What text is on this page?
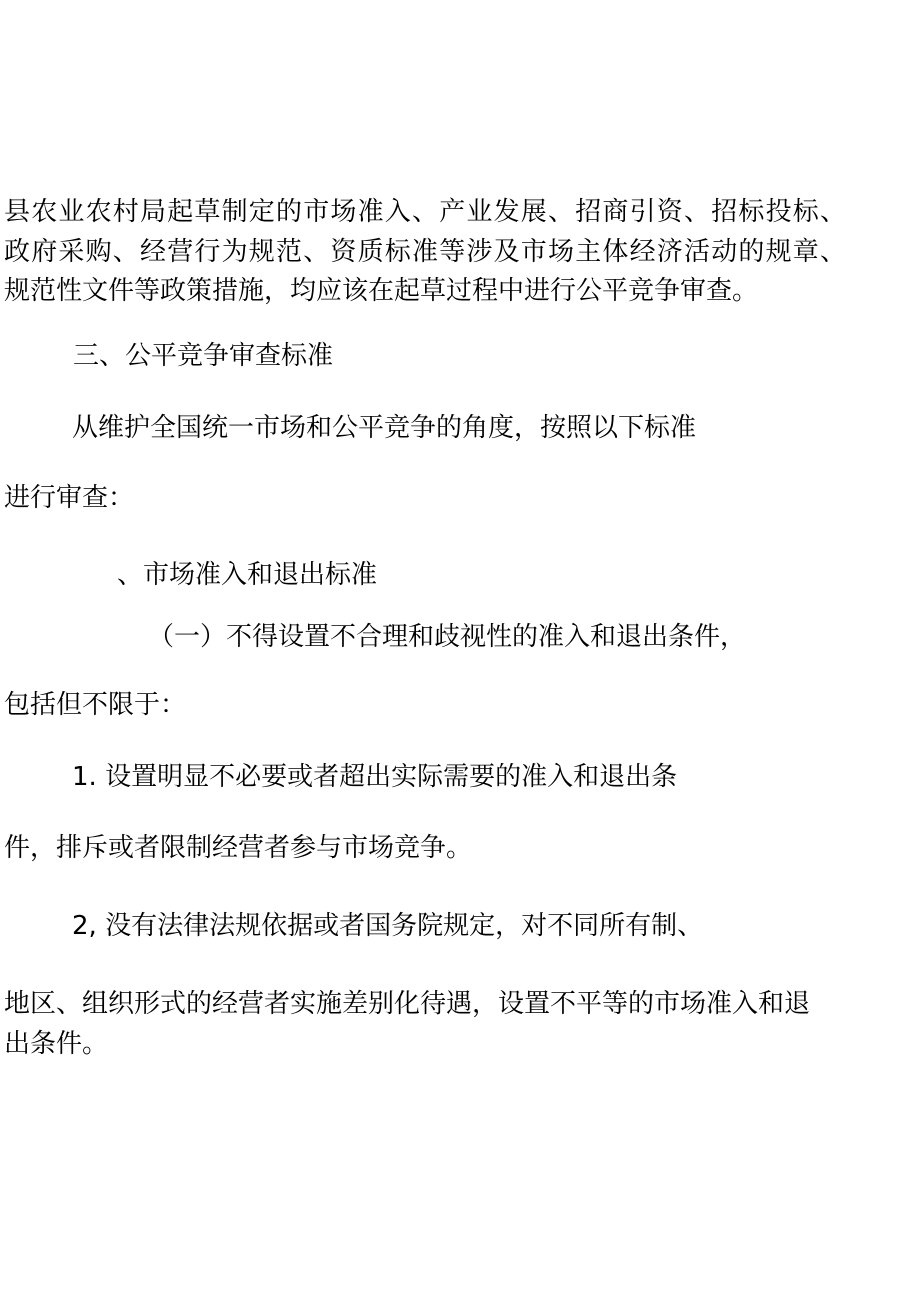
县农业农村局起草制定的市场准入、产业发展、招商引资、招标投标、
政府采购、经营行为规范、资质标准等涉及市场主体经济活动的规章、
规范性文件等政策措施，均应该在起草过程中进行公平竞争审查。
三、公平竞争审查标准
从维护全国统一市场和公平竞争的角度，按照以下标准
进行审查：
、市场准入和退出标准
（一）不得设置不合理和歧视性的准入和退出条件，
包括但不限于：
1. 设置明显不必要或者超出实际需要的准入和退出条
件，排斥或者限制经营者参与市场竞争。
2, 没有法律法规依据或者国务院规定，对不同所有制、
地区、组织形式的经营者实施差别化待遇，设置不平等的市场准入和退
出条件。
